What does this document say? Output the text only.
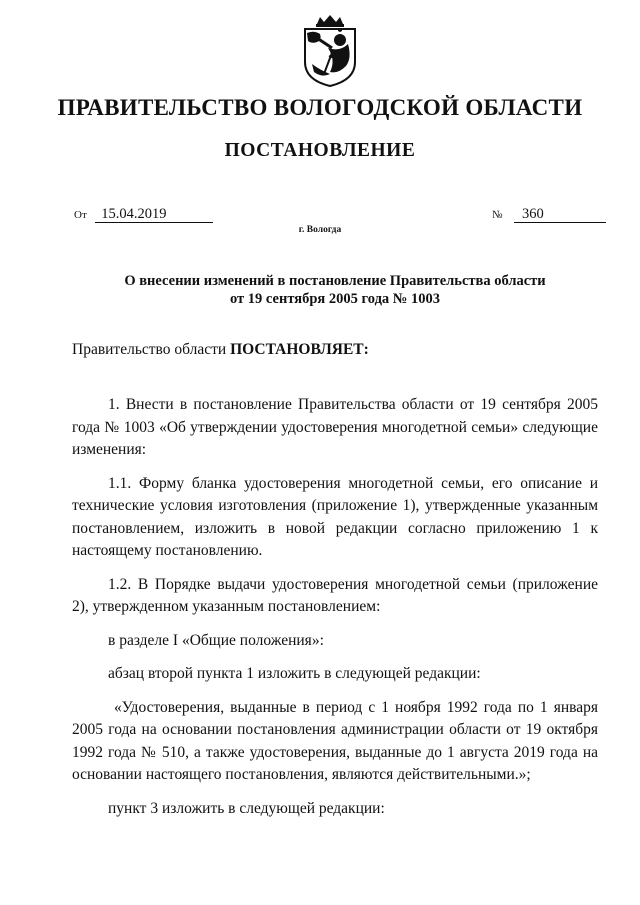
ПРАВИТЕЛЬСТВО ВОЛОГОДСКОЙ ОБЛАСТИ
ПОСТАНОВЛЕНИЕ
От 15.04.2019	№ 360
г. Вологда
О внесении изменений в постановление Правительства области
от 19 сентября 2005 года № 1003
Правительство области ПОСТАНОВЛЯЕТ:

1. Внести в постановление Правительства области от 19 сентября 2005 года № 1003 «Об утверждении удостоверения многодетной семьи» следующие изменения:

1.1. Форму бланка удостоверения многодетной семьи, его описание и технические условия изготовления (приложение 1), утвержденные указанным постановлением, изложить в новой редакции согласно приложению 1 к настоящему постановлению.

1.2. В Порядке выдачи удостоверения многодетной семьи (приложение 2), утвержденном указанным постановлением:

в разделе I «Общие положения»:

абзац второй пункта 1 изложить в следующей редакции:

«Удостоверения, выданные в период с 1 ноября 1992 года по 1 января 2005 года на основании постановления администрации области от 19 октября 1992 года № 510, а также удостоверения, выданные до 1 августа 2019 года на основании настоящего постановления, являются действительными.»;

пункт 3 изложить в следующей редакции:
